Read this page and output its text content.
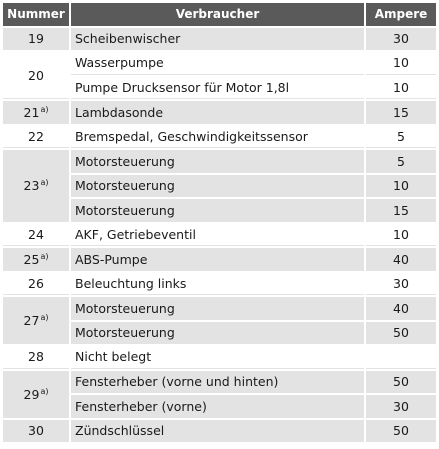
Nummer	Verbraucher	Ampere
19	Scheibenwischer	30
20	Wasserpumpe	10
	Pumpe Drucksensor für Motor 1,8l	10
21$^{a)}$	Lambdasonde	15
22	Bremspedal, Geschwindigkeitssensor	5
23$^{a)}$	Motorsteuerung	5
	Motorsteuerung	10
	Motorsteuerung	15
24	AKF, Getriebeventil	10
25$^{a)}$	ABS-Pumpe	40
26	Beleuchtung links	30
27$^{a)}$	Motorsteuerung	40
	Motorsteuerung	50
28	Nicht belegt	
29$^{a)}$	Fensterheber (vorne und hinten)	50
	Fensterheber (vorne)	30
30	Zündschlüssel	50
